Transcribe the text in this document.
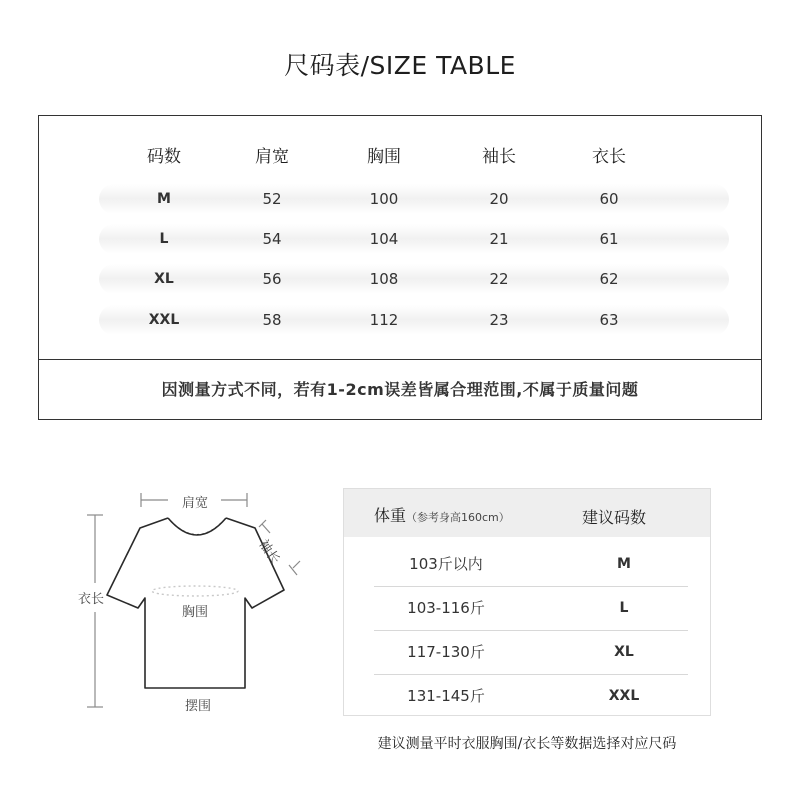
尺码表/SIZE TABLE
码数	肩宽	胸围	袖长	衣长
M	52	100	20	60
L	54	104	21	61
XL	56	108	22	62
XXL	58	112	23	63
因测量方式不同，若有1-2cm误差皆属合理范围,不属于质量问题
肩宽
袖长
衣长
胸围
摆围
体重（参考身高160cm）	建议码数
103斤以内	M
103-116斤	L
117-130斤	XL
131-145斤	XXL
建议测量平时衣服胸围/衣长等数据选择对应尺码
